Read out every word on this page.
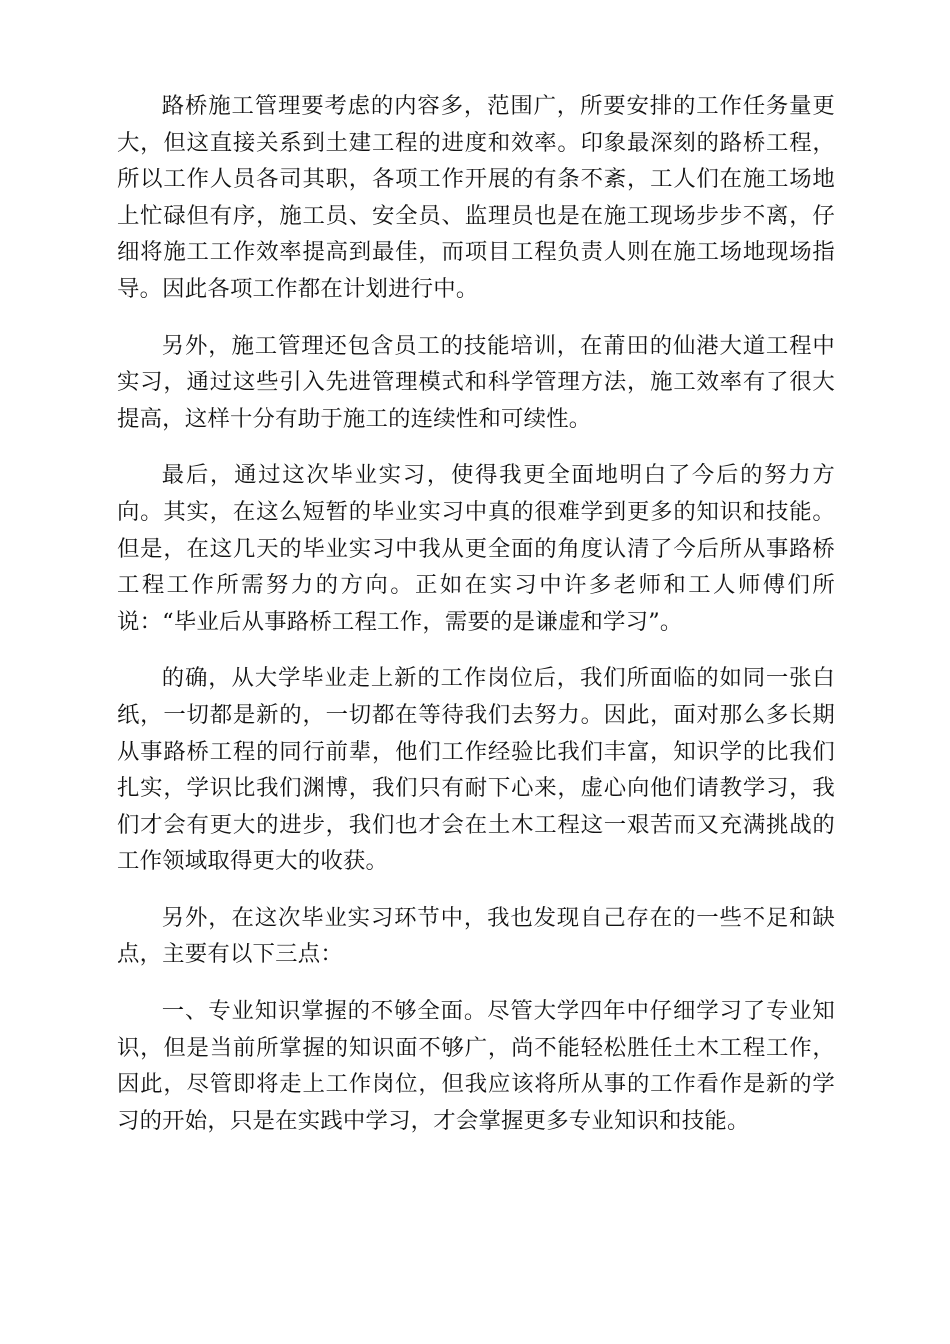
路桥施工管理要考虑的内容多，范围广，所要安排的工作任务量更大，但这直接关系到土建工程的进度和效率。印象最深刻的路桥工程，所以工作人员各司其职，各项工作开展的有条不紊，工人们在施工场地上忙碌但有序，施工员、安全员、监理员也是在施工现场步步不离，仔细将施工工作效率提高到最佳，而项目工程负责人则在施工场地现场指导。因此各项工作都在计划进行中。

另外，施工管理还包含员工的技能培训，在莆田的仙港大道工程中实习，通过这些引入先进管理模式和科学管理方法，施工效率有了很大提高，这样十分有助于施工的连续性和可续性。

最后，通过这次毕业实习，使得我更全面地明白了今后的努力方向。其实，在这么短暂的毕业实习中真的很难学到更多的知识和技能。但是，在这几天的毕业实习中我从更全面的角度认清了今后所从事路桥工程工作所需努力的方向。正如在实习中许多老师和工人师傅们所说：“毕业后从事路桥工程工作，需要的是谦虚和学习”。

的确，从大学毕业走上新的工作岗位后，我们所面临的如同一张白纸，一切都是新的，一切都在等待我们去努力。因此，面对那么多长期从事路桥工程的同行前辈，他们工作经验比我们丰富，知识学的比我们扎实，学识比我们渊博，我们只有耐下心来，虚心向他们请教学习，我们才会有更大的进步，我们也才会在土木工程这一艰苦而又充满挑战的工作领域取得更大的收获。

另外，在这次毕业实习环节中，我也发现自己存在的一些不足和缺点，主要有以下三点：

一、专业知识掌握的不够全面。尽管大学四年中仔细学习了专业知识，但是当前所掌握的知识面不够广，尚不能轻松胜任土木工程工作，因此，尽管即将走上工作岗位，但我应该将所从事的工作看作是新的学习的开始，只是在实践中学习，才会掌握更多专业知识和技能。
